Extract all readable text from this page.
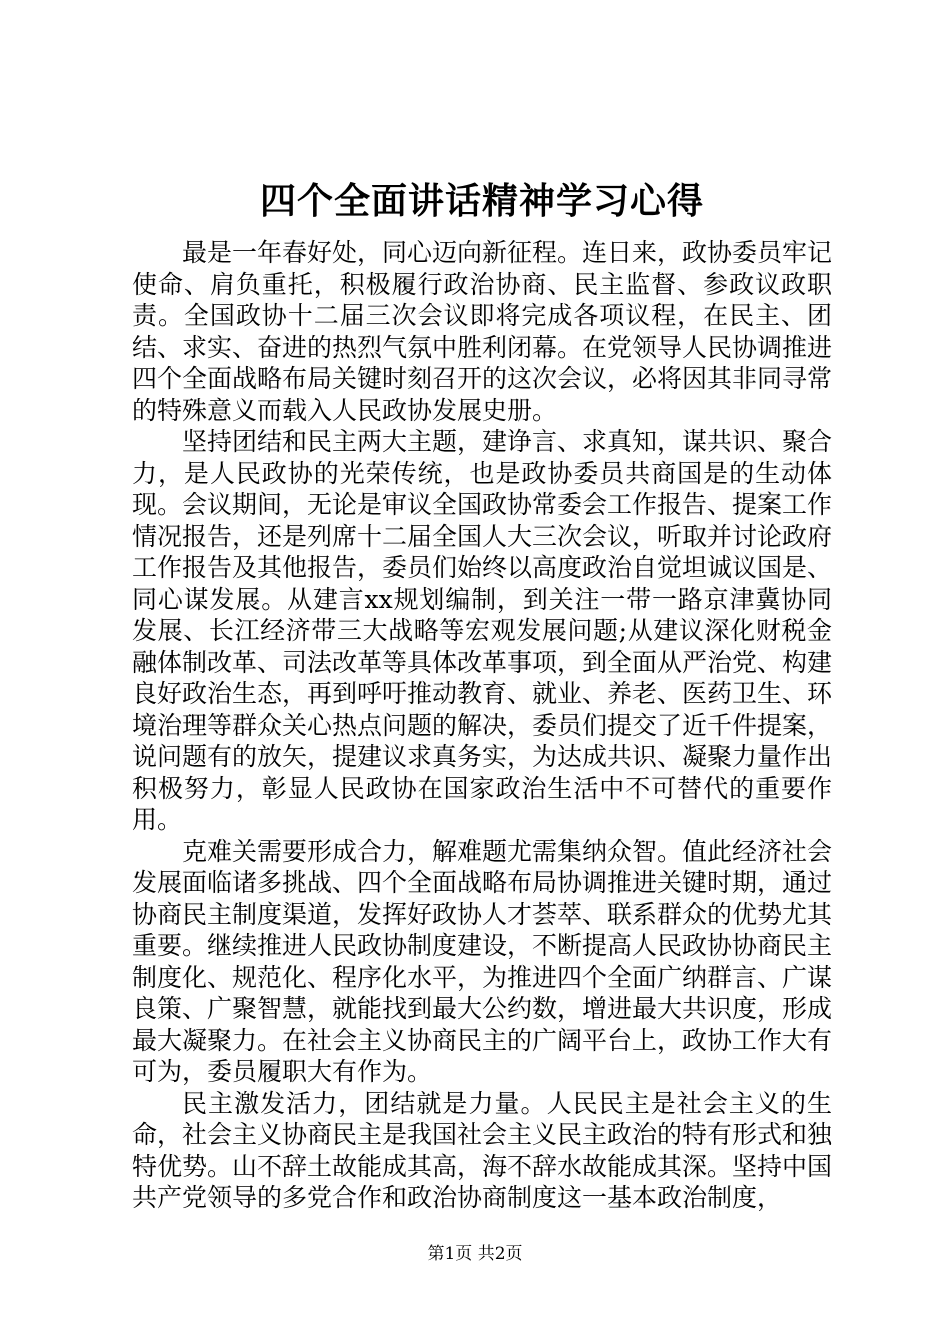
四个全面讲话精神学习心得

最是一年春好处，同心迈向新征程。连日来，政协委员牢记使命、肩负重托，积极履行政治协商、民主监督、参政议政职责。全国政协十二届三次会议即将完成各项议程，在民主、团结、求实、奋进的热烈气氛中胜利闭幕。在党领导人民协调推进四个全面战略布局关键时刻召开的这次会议，必将因其非同寻常的特殊意义而载入人民政协发展史册。

坚持团结和民主两大主题，建诤言、求真知，谋共识、聚合力，是人民政协的光荣传统，也是政协委员共商国是的生动体现。会议期间，无论是审议全国政协常委会工作报告、提案工作情况报告，还是列席十二届全国人大三次会议，听取并讨论政府工作报告及其他报告，委员们始终以高度政治自觉坦诚议国是、同心谋发展。从建言xx规划编制，到关注一带一路京津冀协同发展、长江经济带三大战略等宏观发展问题;从建议深化财税金融体制改革、司法改革等具体改革事项，到全面从严治党、构建良好政治生态，再到呼吁推动教育、就业、养老、医药卫生、环境治理等群众关心热点问题的解决，委员们提交了近千件提案，说问题有的放矢，提建议求真务实，为达成共识、凝聚力量作出积极努力，彰显人民政协在国家政治生活中不可替代的重要作用。

克难关需要形成合力，解难题尤需集纳众智。值此经济社会发展面临诸多挑战、四个全面战略布局协调推进关键时期，通过协商民主制度渠道，发挥好政协人才荟萃、联系群众的优势尤其重要。继续推进人民政协制度建设，不断提高人民政协协商民主制度化、规范化、程序化水平，为推进四个全面广纳群言、广谋良策、广聚智慧，就能找到最大公约数，增进最大共识度，形成最大凝聚力。在社会主义协商民主的广阔平台上，政协工作大有可为，委员履职大有作为。

民主激发活力，团结就是力量。人民民主是社会主义的生命，社会主义协商民主是我国社会主义民主政治的特有形式和独特优势。山不辞土故能成其高，海不辞水故能成其深。坚持中国共产党领导的多党合作和政治协商制度这一基本政治制度，

第1页 共2页
